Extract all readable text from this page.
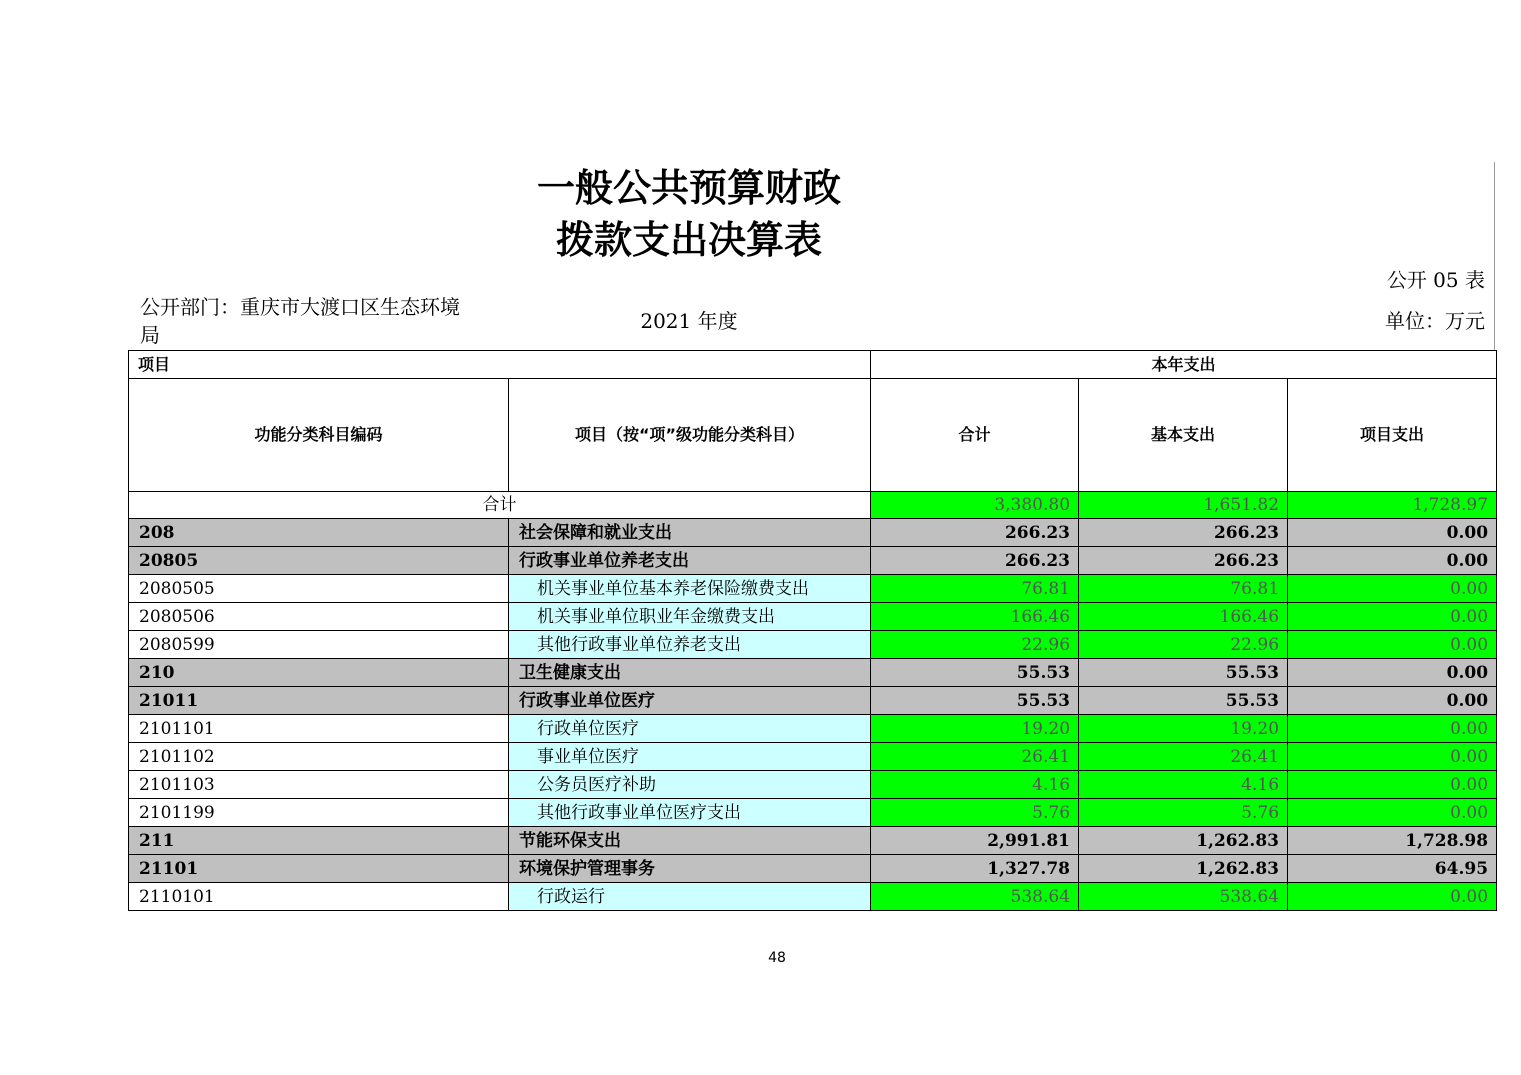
一般公共预算财政
拨款支出决算表
公开 05 表
公开部门：重庆市大渡口区生态环境
局
2021 年度	单位：万元
项目		本年支出		
功能分类科目编码	项目（按“项”级功能分类科目）	合计	基本支出	项目支出
合计		3,380.80	1,651.82	1,728.97
208	社会保障和就业支出	266.23	266.23	0.00
20805	行政事业单位养老支出	266.23	266.23	0.00
2080505	机关事业单位基本养老保险缴费支出	76.81	76.81	0.00
2080506	机关事业单位职业年金缴费支出	166.46	166.46	0.00
2080599	其他行政事业单位养老支出	22.96	22.96	0.00
210	卫生健康支出	55.53	55.53	0.00
21011	行政事业单位医疗	55.53	55.53	0.00
2101101	行政单位医疗	19.20	19.20	0.00
2101102	事业单位医疗	26.41	26.41	0.00
2101103	公务员医疗补助	4.16	4.16	0.00
2101199	其他行政事业单位医疗支出	5.76	5.76	0.00
211	节能环保支出	2,991.81	1,262.83	1,728.98
21101	环境保护管理事务	1,327.78	1,262.83	64.95
2110101	行政运行	538.64	538.64	0.00
48
